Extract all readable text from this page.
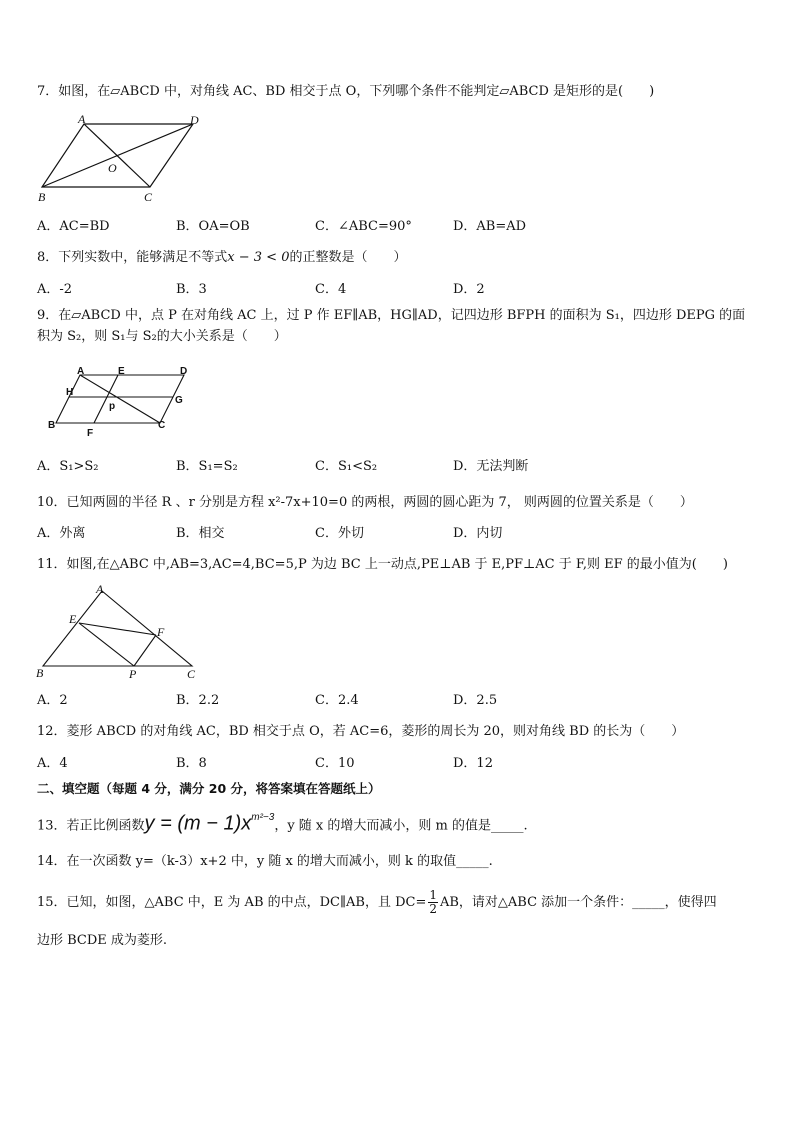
7．如图，在▱ABCD 中，对角线 AC、BD 相交于点 O，下列哪个条件不能判定▱ABCD 是矩形的是(　　)
A	D
O
B	C
A．AC=BD	B．OA=OB	C．∠ABC=90°	D．AB=AD
8．下列实数中，能够满足不等式x − 3 < 0的正整数是（　　）
A．-2	B．3	C．4	D．2
9．在▱ABCD 中，点 P 在对角线 AC 上，过 P 作 EF∥AB，HG∥AD，记四边形 BFPH 的面积为 S₁，四边形 DEPG 的面
积为 S₂，则 S₁与 S₂的大小关系是（　　）
A	E	D
H
G
p
B
F
C
A．S₁>S₂	B．S₁=S₂	C．S₁<S₂	D．无法判断
10．已知两圆的半径 R 、r 分别是方程 x²-7x+10=0 的两根，两圆的圆心距为 7， 则两圆的位置关系是（　　）
A．外离	B．相交	C．外切	D．内切
11．如图,在△ABC 中,AB=3,AC=4,BC=5,P 为边 BC 上一动点,PE⊥AB 于 E,PF⊥AC 于 F,则 EF 的最小值为(　　)
A
E
F
B	P	C
A．2	B．2.2	C．2.4	D．2.5
12．菱形 ABCD 的对角线 AC，BD 相交于点 O，若 AC=6，菱形的周长为 20，则对角线 BD 的长为（　　）
A．4	B．8	C．10	D．12
二、填空题（每题 4 分，满分 20 分，将答案填在答题纸上）
13．若正比例函数$y = (m - 1)x^{m^2-3}$，y 随 x 的增大而减小，则 m 的值是_____.
14．在一次函数 y=（k-3）x+2 中，y 随 x 的增大而减小，则 k 的取值_____.
15．已知，如图，△ABC 中，E 为 AB 的中点，DC∥AB，且 $DC= \frac{1}{2}$ AB，请对△ABC 添加一个条件：_____，使得四
边形 BCDE 成为菱形.
